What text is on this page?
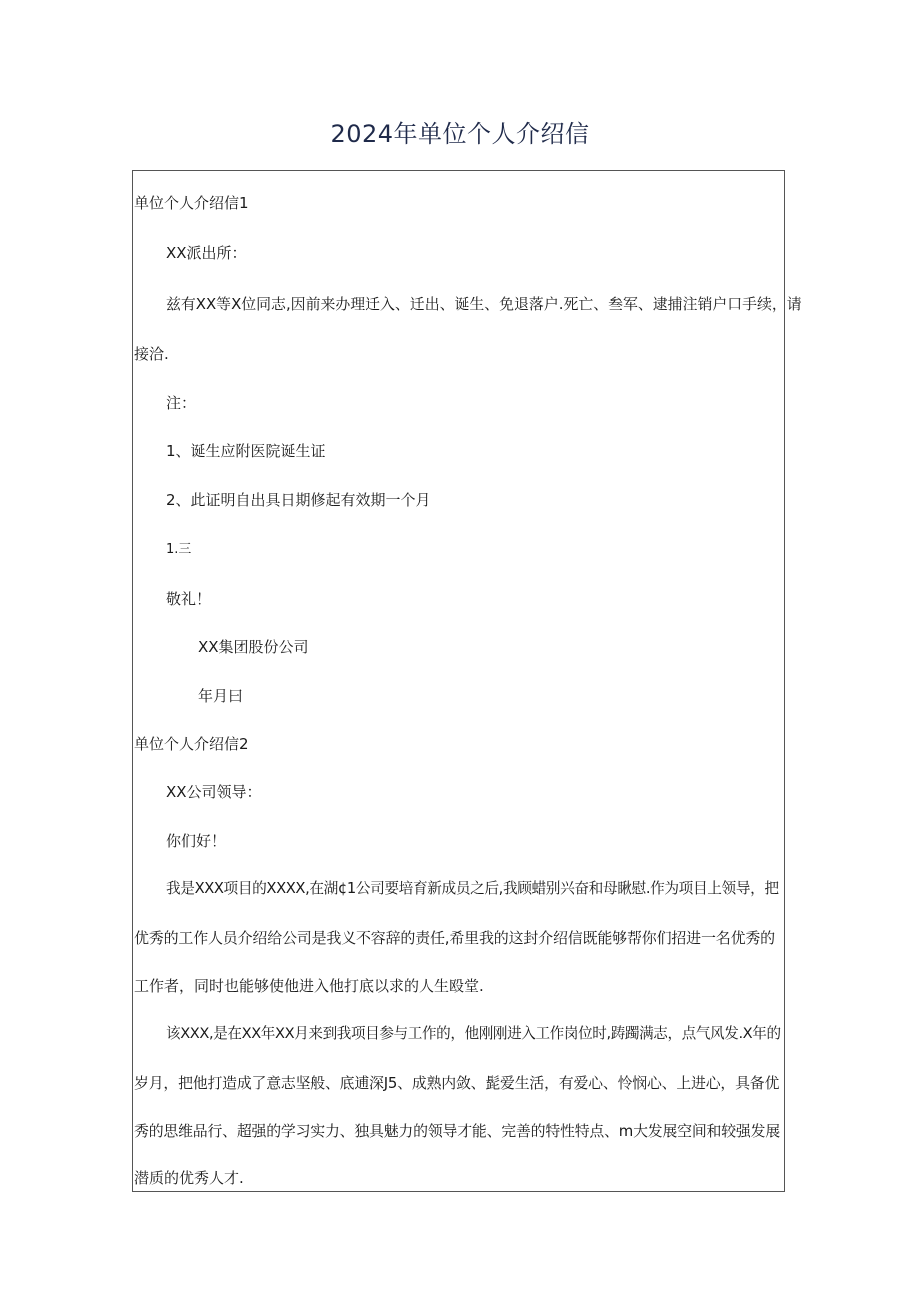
2024年单位个人介绍信
单位个人介绍信1
XX派出所：
兹有XX等X位同志,因前来办理迁入、迁出、诞生、免退落户.死亡、叁军、逮捕注销户口手续，请
接洽.
注：
1、诞生应附医院诞生证
2、此证明自出具日期修起有效期一个月
1.三
敬礼！
XX集团股份公司
年月曰
单位个人介绍信2
XX公司领导：
你们好！
我是XXX项目的XXXX,在湖¢1公司要培育新成员之后,我顾蜡别兴奋和母瞅慰.作为项目上领导，把
优秀的工作人员介绍给公司是我义不容辞的责任,希里我的这封介绍信既能够帮你们招进一名优秀的
工作者，同时也能够使他进入他打底以求的人生殴堂.
该XXX,是在XX年XX月来到我项目参与工作的，他刚刚进入工作岗位时,踌躅满志，点气风发.X年的
岁月，把他打造成了意志坚般、底逋深J5、成熟内敛、髭爱生活，有爱心、怜悯心、上进心，具备优
秀的思维品行、超强的学习实力、独具魅力的领导才能、完善的特性特点、m大发展空间和较强发展
潜质的优秀人才.
